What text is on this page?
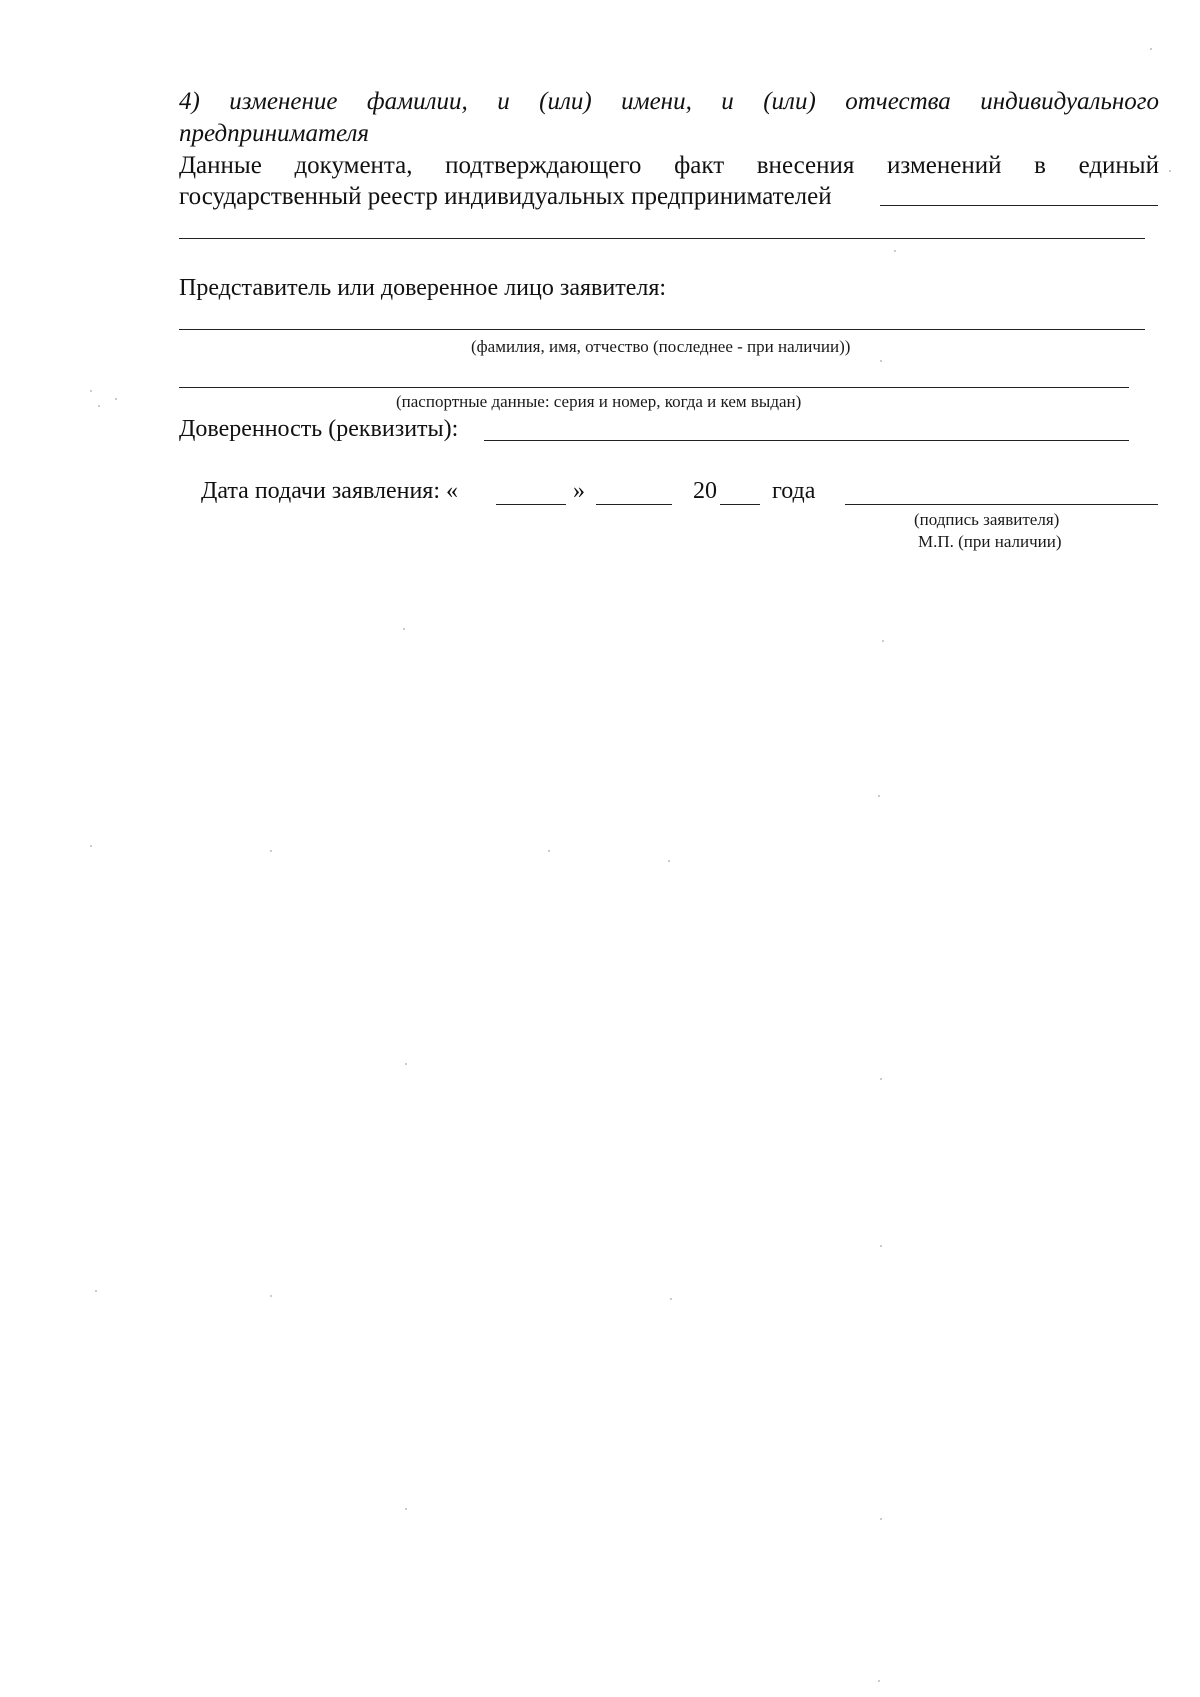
4) изменение фамилии, и (или) имени, и (или) отчества индивидуального
предпринимателя
Данные документа, подтверждающего факт внесения изменений в единый
государственный реестр индивидуальных предпринимателей
Представитель или доверенное лицо заявителя:
(фамилия, имя, отчество (последнее - при наличии))
(паспортные данные: серия и номер, когда и кем выдан)
Доверенность (реквизиты):
Дата подачи заявления: «	»	20 года
(подпись заявителя)
М.П. (при наличии)
